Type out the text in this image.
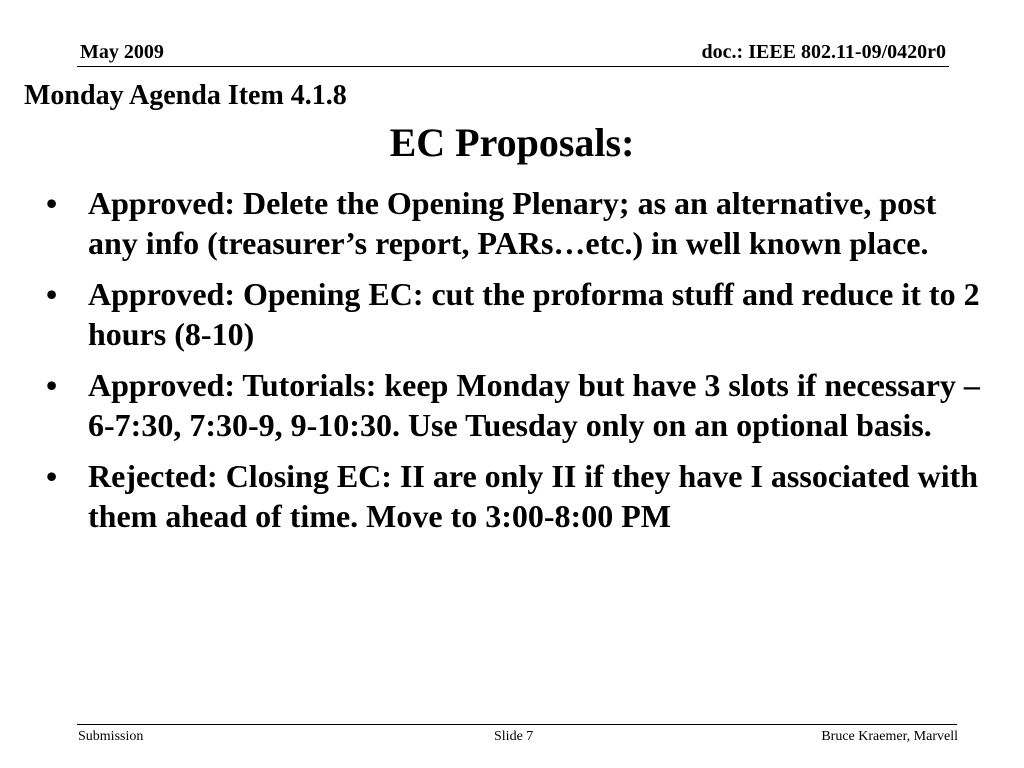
May 2009	doc.: IEEE 802.11-09/0420r0
Monday Agenda Item 4.1.8
EC Proposals:
• Approved: Delete the Opening Plenary; as an alternative, post any info (treasurer’s report, PARs…etc.) in well known place.
• Approved: Opening EC: cut the proforma stuff and reduce it to 2 hours (8-10)
• Approved: Tutorials: keep Monday but have 3 slots if necessary – 6-7:30, 7:30-9, 9-10:30. Use Tuesday only on an optional basis.
• Rejected: Closing EC: II are only II if they have I associated with them ahead of time. Move to 3:00-8:00 PM
Submission	Slide 7	Bruce Kraemer, Marvell
